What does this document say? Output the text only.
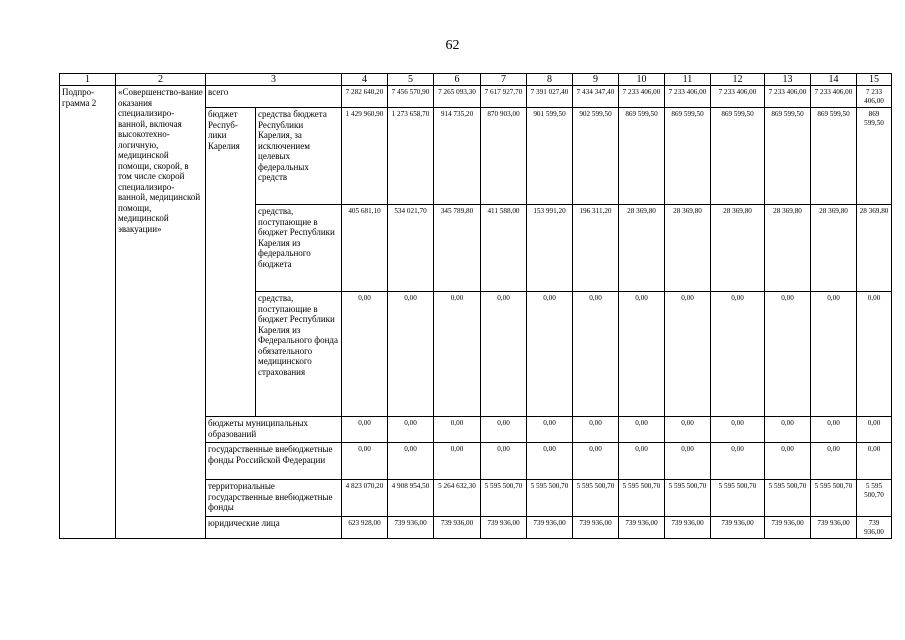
62
1	2	3		4	5	6	7	8	9	10	11	12	13	14	15
Подпро-грамма 2	«Совершенство-вание оказания специализиро-ванной, включая высокотехно-логичную, медицинской помощи, скорой, в том числе скорой специализиро-ванной, медицинской помощи, медицинской эвакуации»	всего		7 282 640,20	7 456 570,90	7 265 093,30	7 617 927,70	7 391 027,40	7 434 347,40	7 233 406,00	7 233 406,00	7 233 406,00	7 233 406,00	7 233 406,00	7 233 406,00
		бюджет Респуб-лики Карелия	средства бюджета Республики Карелия, за исключением целевых федеральных средств	1 429 960,90	1 273 658,70	914 735,20	870 903,00	901 599,50	902 599,50	869 599,50	869 599,50	869 599,50	869 599,50	869 599,50	869 599,50
			средства, поступающие в бюджет Республики Карелия из федерального бюджета	405 681,10	534 021,70	345 789,80	411 588,00	153 991,20	196 311,20	28 369,80	28 369,80	28 369,80	28 369,80	28 369,80	28 369,80
			средства, поступающие в бюджет Республики Карелия из Федерального фонда обязательного медицинского страхования	0,00	0,00	0,00	0,00	0,00	0,00	0,00	0,00	0,00	0,00	0,00	0,00
		бюджеты муниципальных образований		0,00	0,00	0,00	0,00	0,00	0,00	0,00	0,00	0,00	0,00	0,00	0,00
		государственные внебюджетные фонды Российской Федерации		0,00	0,00	0,00	0,00	0,00	0,00	0,00	0,00	0,00	0,00	0,00	0,00
		территориальные государственные внебюджетные фонды		4 823 070,20	4 908 954,50	5 264 632,30	5 595 500,70	5 595 500,70	5 595 500,70	5 595 500,70	5 595 500,70	5 595 500,70	5 595 500,70	5 595 500,70	5 595 500,70
		юридические лица		623 928,00	739 936,00	739 936,00	739 936,00	739 936,00	739 936,00	739 936,00	739 936,00	739 936,00	739 936,00	739 936,00	739 936,00
